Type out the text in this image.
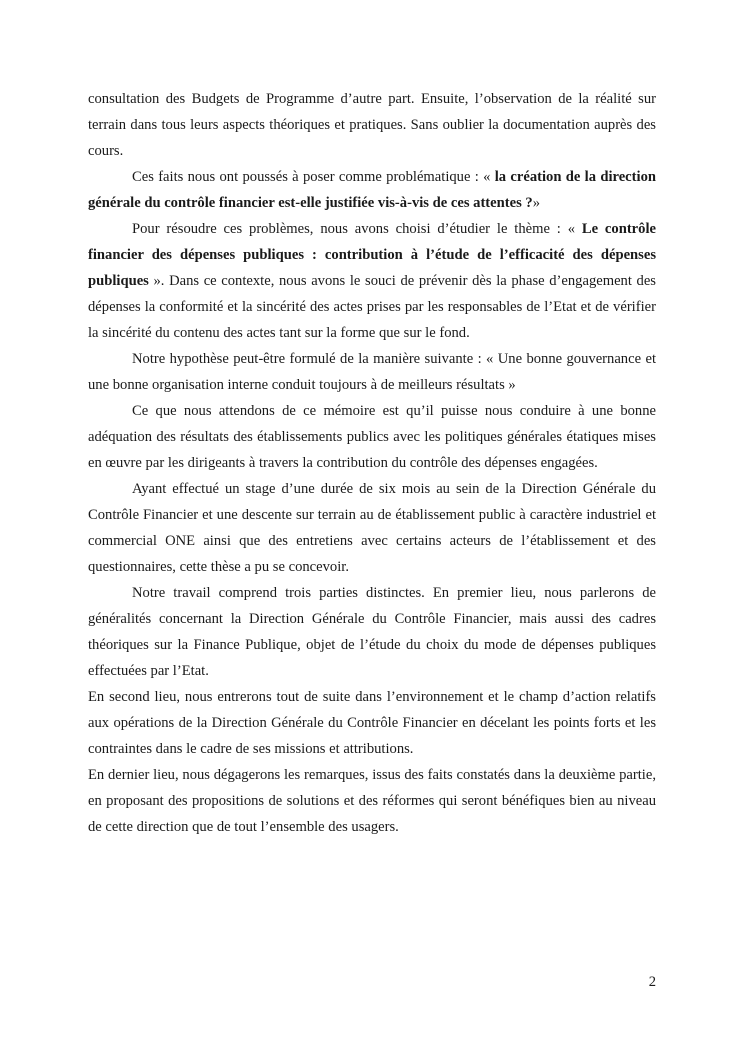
consultation des Budgets de Programme d’autre part. Ensuite, l’observation de la réalité sur terrain dans tous leurs aspects théoriques et pratiques. Sans oublier la documentation auprès des cours.

Ces faits nous ont poussés à poser comme problématique : « la création de la direction générale du contrôle financier est-elle justifiée vis-à-vis de ces attentes ?»

Pour résoudre ces problèmes, nous avons choisi d’étudier le thème : « Le contrôle financier des dépenses publiques : contribution à l’étude de l’efficacité des dépenses publiques ». Dans ce contexte, nous avons le souci de prévenir dès la phase d’engagement des dépenses la conformité et la sincérité des actes prises par les responsables de l’Etat et de vérifier la sincérité du contenu des actes tant sur la forme que sur le fond.

Notre hypothèse peut-être formulé de la manière suivante : « Une bonne gouvernance et une bonne organisation interne conduit toujours à de meilleurs résultats »

Ce que nous attendons de ce mémoire est qu’il puisse nous conduire à une bonne adéquation des résultats des établissements publics avec les politiques générales étatiques mises en œuvre par les dirigeants à travers la contribution du contrôle des dépenses engagées.

Ayant effectué un stage d’une durée de six mois au sein de la Direction Générale du Contrôle Financier et une descente sur terrain au de établissement public à caractère industriel et commercial ONE ainsi que des entretiens avec certains acteurs de l’établissement et des questionnaires, cette thèse a pu se concevoir.

Notre travail comprend trois parties distinctes. En premier lieu, nous parlerons de généralités concernant la Direction Générale du Contrôle Financier, mais aussi des cadres théoriques sur la Finance Publique, objet de l’étude du choix du mode de dépenses publiques effectuées par l’Etat.

En second lieu, nous entrerons tout de suite dans l’environnement et le champ d’action relatifs aux opérations de la Direction Générale du Contrôle Financier en décelant les points forts et les contraintes dans le cadre de ses missions et attributions.

En dernier lieu, nous dégagerons les remarques, issus des faits constatés dans la deuxième partie, en proposant des propositions de solutions et des réformes qui seront bénéfiques bien au niveau de cette direction que de tout l’ensemble des usagers.

2
